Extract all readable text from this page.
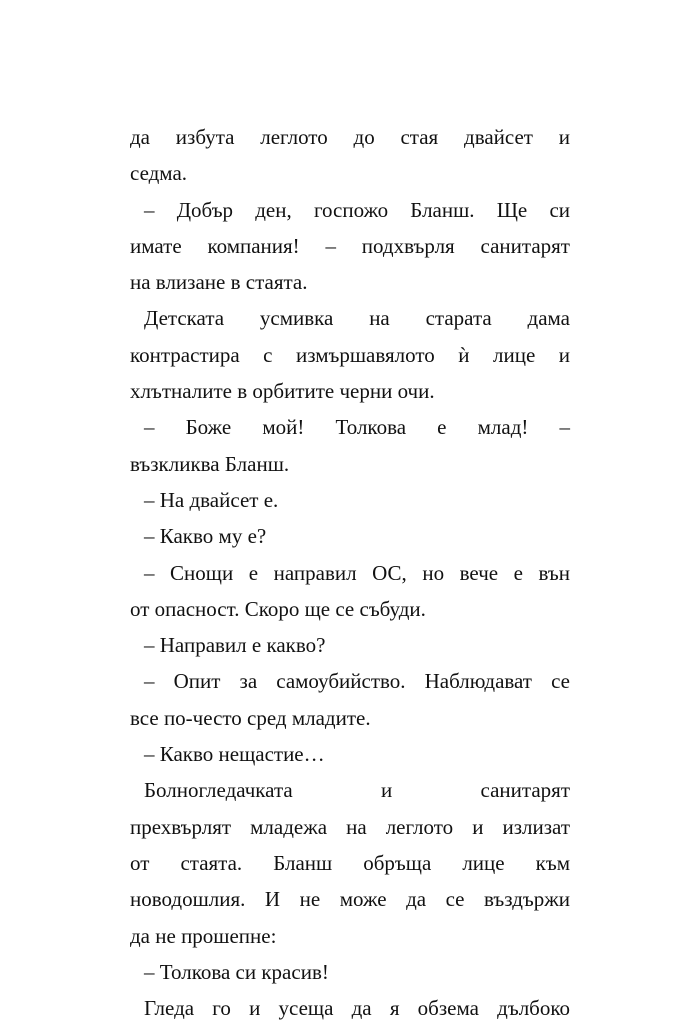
да избута леглото до стая двайсет и
седма.
– Добър ден, госпожо Бланш. Ще си
имате компания! – подхвърля санитарят
на влизане в стаята.
Детската усмивка на старата дама
контрастира с измършавялото ѝ лице и
хлътналите в орбитите черни очи.
– Боже мой! Толкова е млад! –
възкликва Бланш.
– На двайсет е.
– Какво му е?
– Снощи е направил ОС, но вече е вън
от опасност. Скоро ще се събуди.
– Направил е какво?
– Опит за самоубийство. Наблюдават се
все по-често сред младите.
– Какво нещастие…
Болногледачката и санитарят
прехвърлят младежа на леглото и излизат
от стаята. Бланш обръща лице към
новодошлия. И не може да се въздържи
да не прошепне:
– Толкова си красив!
Гледа го и усеща да я обзема дълбоко
